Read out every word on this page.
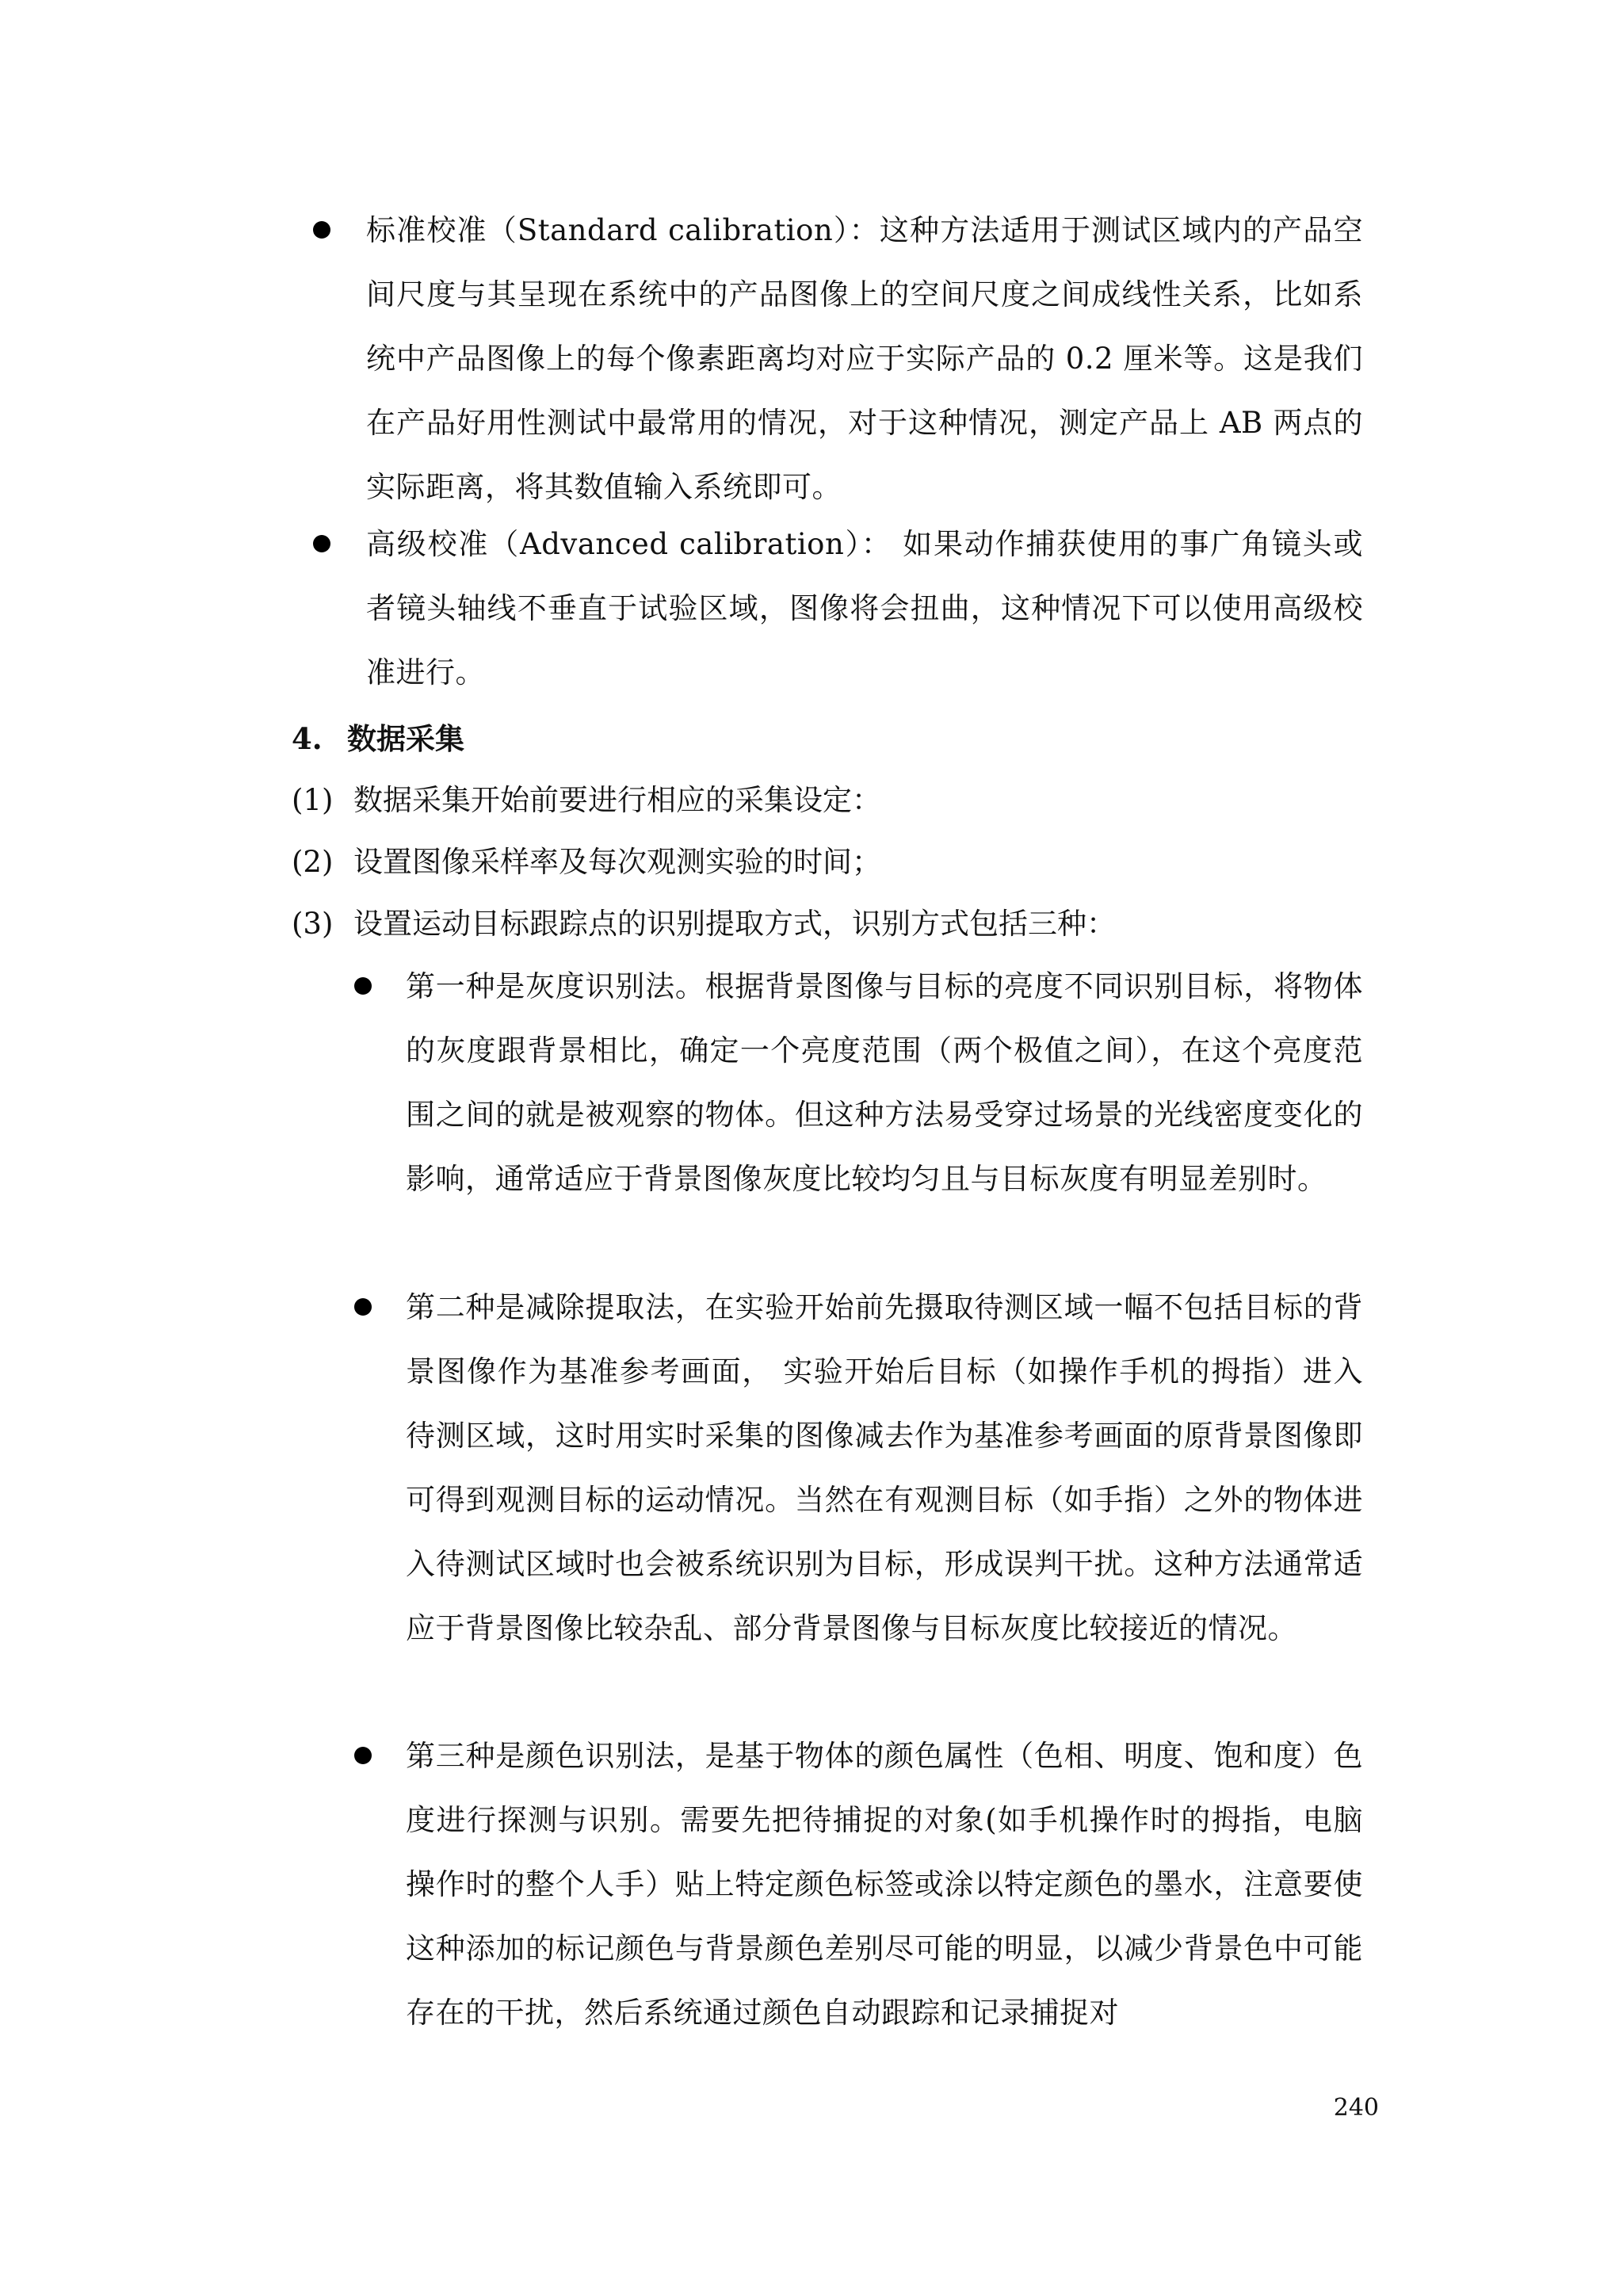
标准校准（Standard calibration）：这种方法适用于测试区域内的产品空间尺度与其呈现在系统中的产品图像上的空间尺度之间成线性关系，比如系统中产品图像上的每个像素距离均对应于实际产品的 0.2 厘米等。这是我们在产品好用性测试中最常用的情况，对于这种情况，测定产品上 AB 两点的实际距离，将其数值输入系统即可。
高级校准（Advanced calibration）： 如果动作捕获使用的事广角镜头或者镜头轴线不垂直于试验区域，图像将会扭曲，这种情况下可以使用高级校准进行。
4. 数据采集
(1) 数据采集开始前要进行相应的采集设定：
(2) 设置图像采样率及每次观测实验的时间；
(3) 设置运动目标跟踪点的识别提取方式，识别方式包括三种：
第一种是灰度识别法。根据背景图像与目标的亮度不同识别目标，将物体的灰度跟背景相比，确定一个亮度范围（两个极值之间），在这个亮度范围之间的就是被观察的物体。但这种方法易受穿过场景的光线密度变化的影响，通常适应于背景图像灰度比较均匀且与目标灰度有明显差别时。
第二种是减除提取法，在实验开始前先摄取待测区域一幅不包括目标的背景图像作为基准参考画面， 实验开始后目标（如操作手机的拇指）进入待测区域，这时用实时采集的图像减去作为基准参考画面的原背景图像即可得到观测目标的运动情况。当然在有观测目标（如手指）之外的物体进入待测试区域时也会被系统识别为目标，形成误判干扰。这种方法通常适应于背景图像比较杂乱、部分背景图像与目标灰度比较接近的情况。
第三种是颜色识别法，是基于物体的颜色属性（色相、明度、饱和度）色度进行探测与识别。需要先把待捕捉的对象(如手机操作时的拇指，电脑操作时的整个人手）贴上特定颜色标签或涂以特定颜色的墨水，注意要使这种添加的标记颜色与背景颜色差别尽可能的明显，以减少背景色中可能存在的干扰，然后系统通过颜色自动跟踪和记录捕捉对
240
